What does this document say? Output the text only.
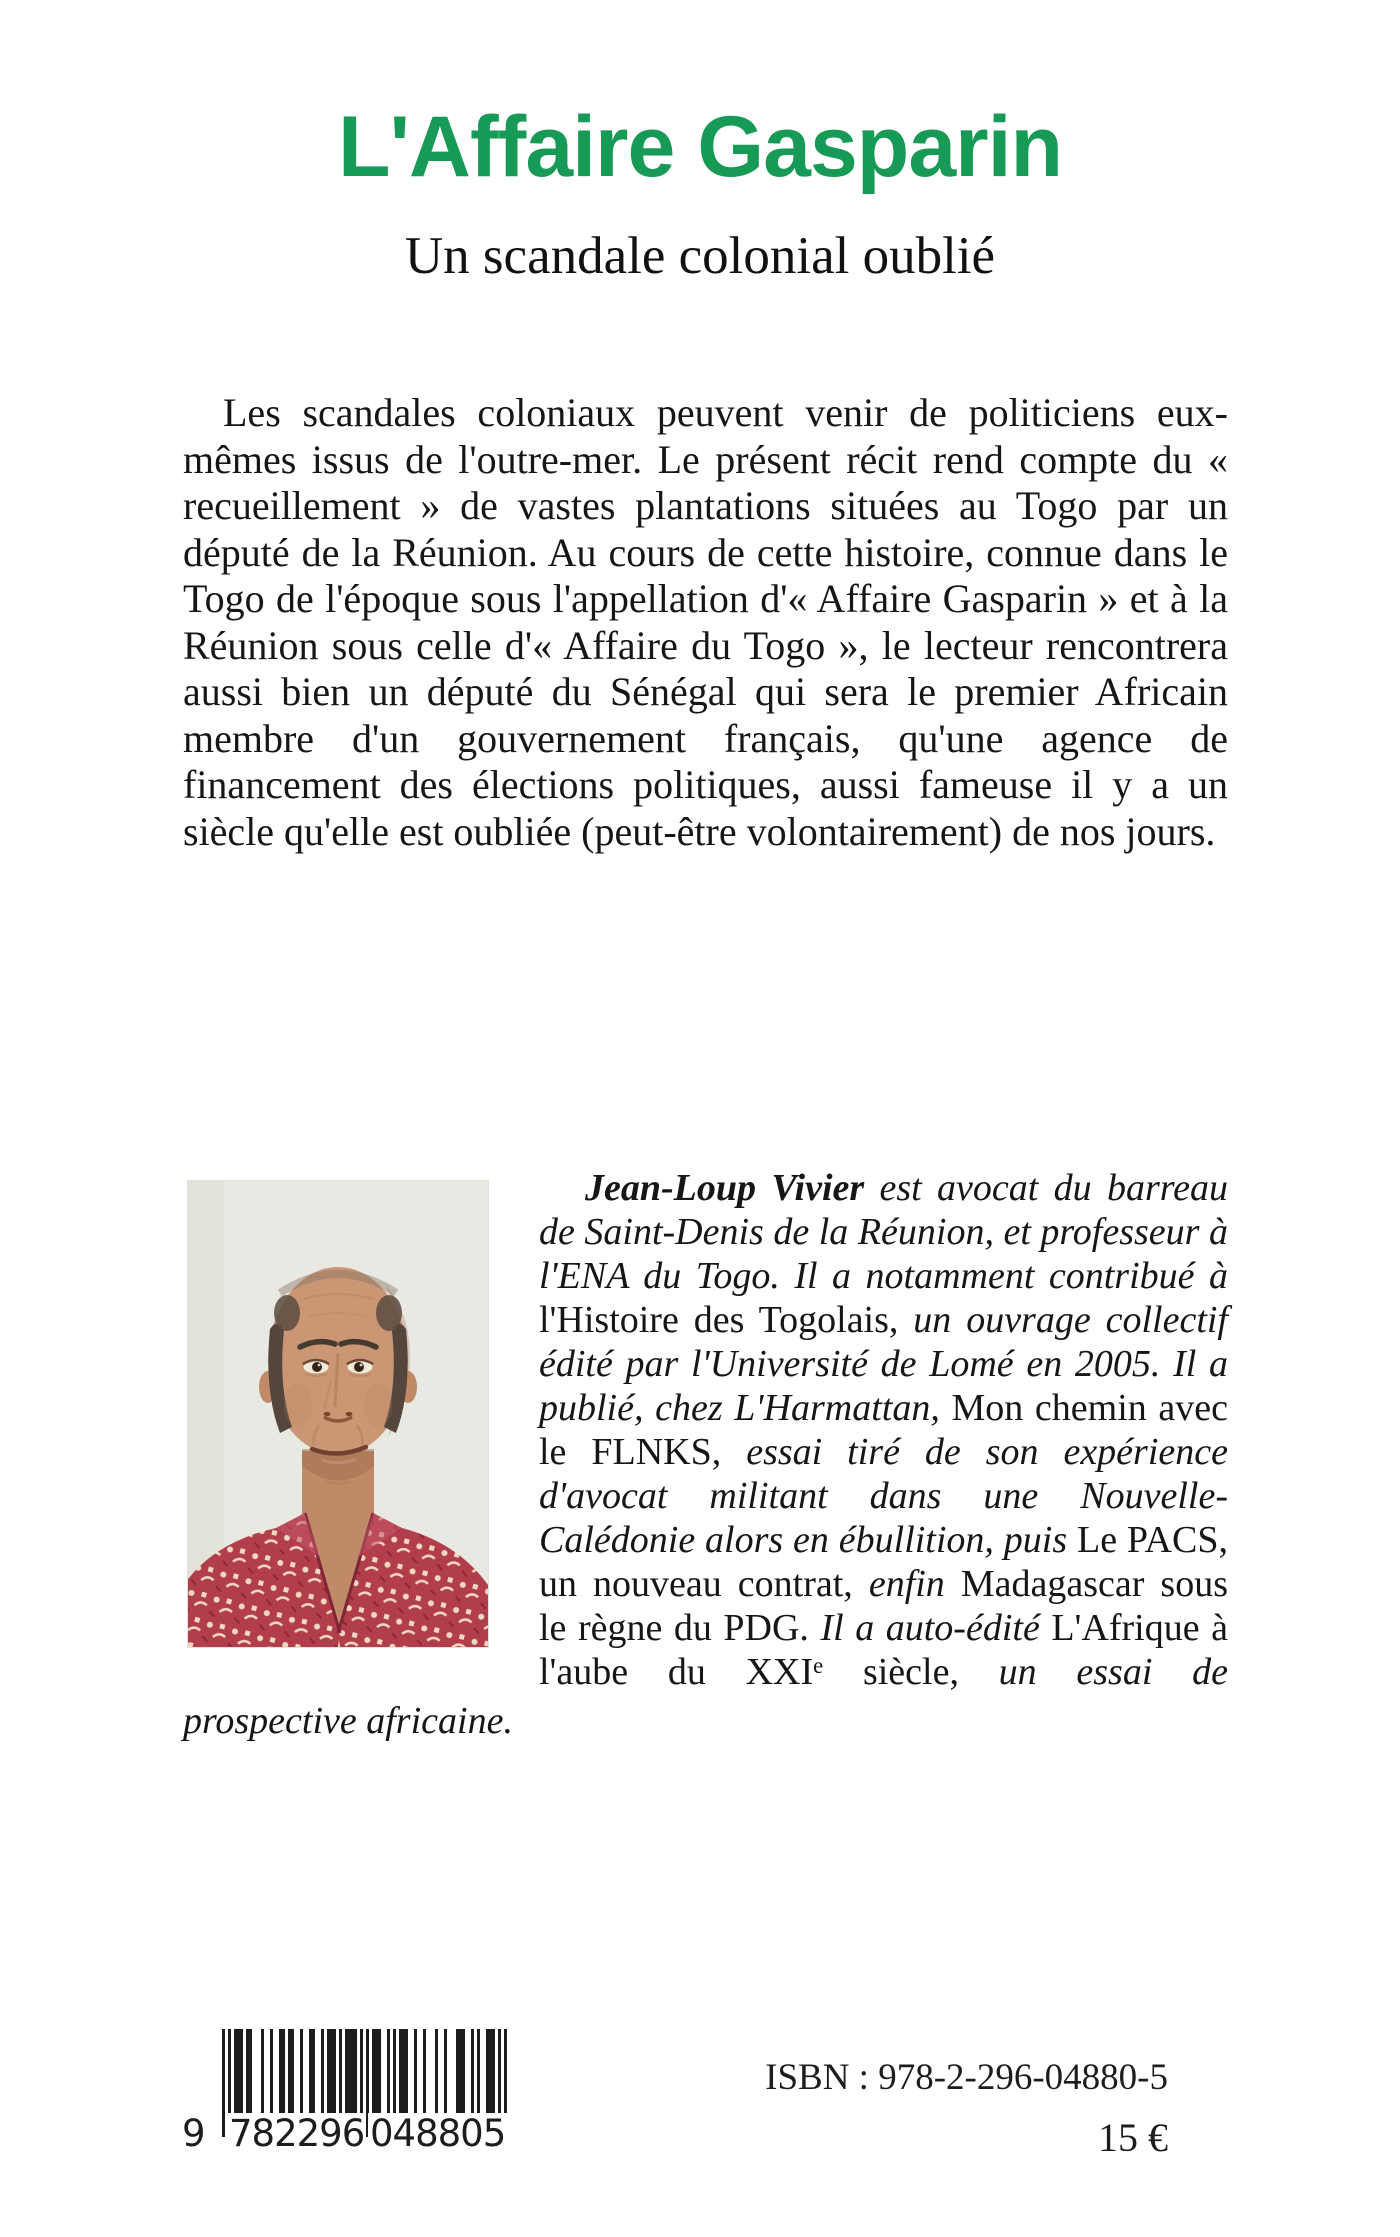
L'Affaire Gasparin
Un scandale colonial oublié

Les scandales coloniaux peuvent venir de politiciens eux-mêmes issus de l'outre-mer. Le présent récit rend compte du « recueillement » de vastes plantations situées au Togo par un député de la Réunion. Au cours de cette histoire, connue dans le Togo de l'époque sous l'appellation d'« Affaire Gasparin » et à la Réunion sous celle d'« Affaire du Togo », le lecteur rencontrera aussi bien un député du Sénégal qui sera le premier Africain membre d'un gouvernement français, qu'une agence de financement des élections politiques, aussi fameuse il y a un siècle qu'elle est oubliée (peut-être volontairement) de nos jours.

Jean-Loup Vivier est avocat du barreau de Saint-Denis de la Réunion, et professeur à l'ENA du Togo. Il a notamment contribué à l'Histoire des Togolais, un ouvrage collectif édité par l'Université de Lomé en 2005. Il a publié, chez L'Harmattan, Mon chemin avec le FLNKS, essai tiré de son expérience d'avocat militant dans une Nouvelle-Calédonie alors en ébullition, puis Le PACS, un nouveau contrat, enfin Madagascar sous le règne du PDG. Il a auto-édité L'Afrique à l'aube du XXIe siècle, un essai de prospective africaine.
9 782296 048805
ISBN : 978-2-296-04880-5
15 €
